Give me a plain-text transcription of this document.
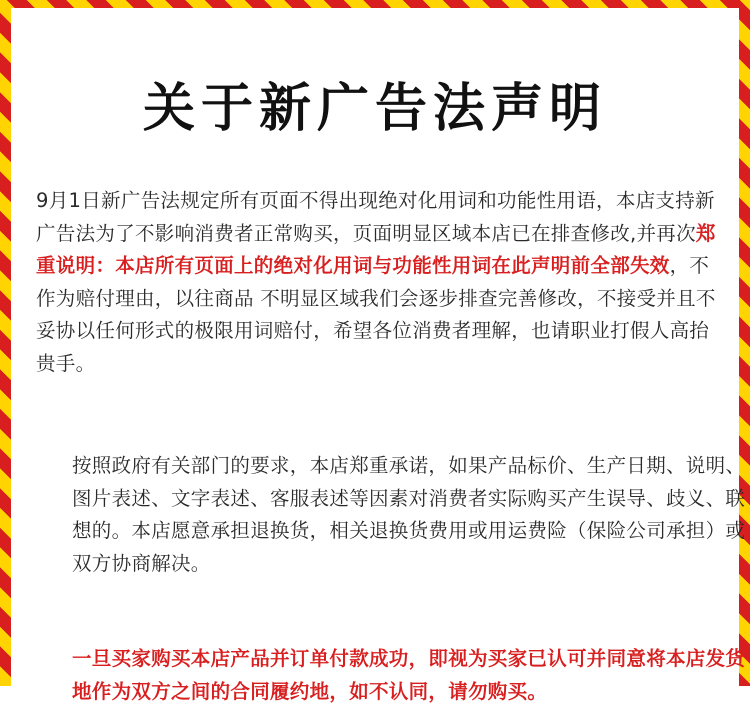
关于新广告法声明
9月1日新广告法规定所有页面不得出现绝对化用词和功能性用语，本店支持新广告法为了不影响消费者正常购买，页面明显区域本店已在排查修改,并再次郑重说明：本店所有页面上的绝对化用词与功能性用词在此声明前全部失效，不作为赔付理由，以往商品 不明显区域我们会逐步排查完善修改，不接受并且不妥协以任何形式的极限用词赔付，希望各位消费者理解，也请职业打假人高抬贵手。
按照政府有关部门的要求，本店郑重承诺，如果产品标价、生产日期、说明、图片表述、文字表述、客服表述等因素对消费者实际购买产生误导、歧义、联想的。本店愿意承担退换货，相关退换货费用或用运费险（保险公司承担）或双方协商解决。
一旦买家购买本店产品并订单付款成功，即视为买家已认可并同意将本店发货地作为双方之间的合同履约地，如不认同，请勿购买。
